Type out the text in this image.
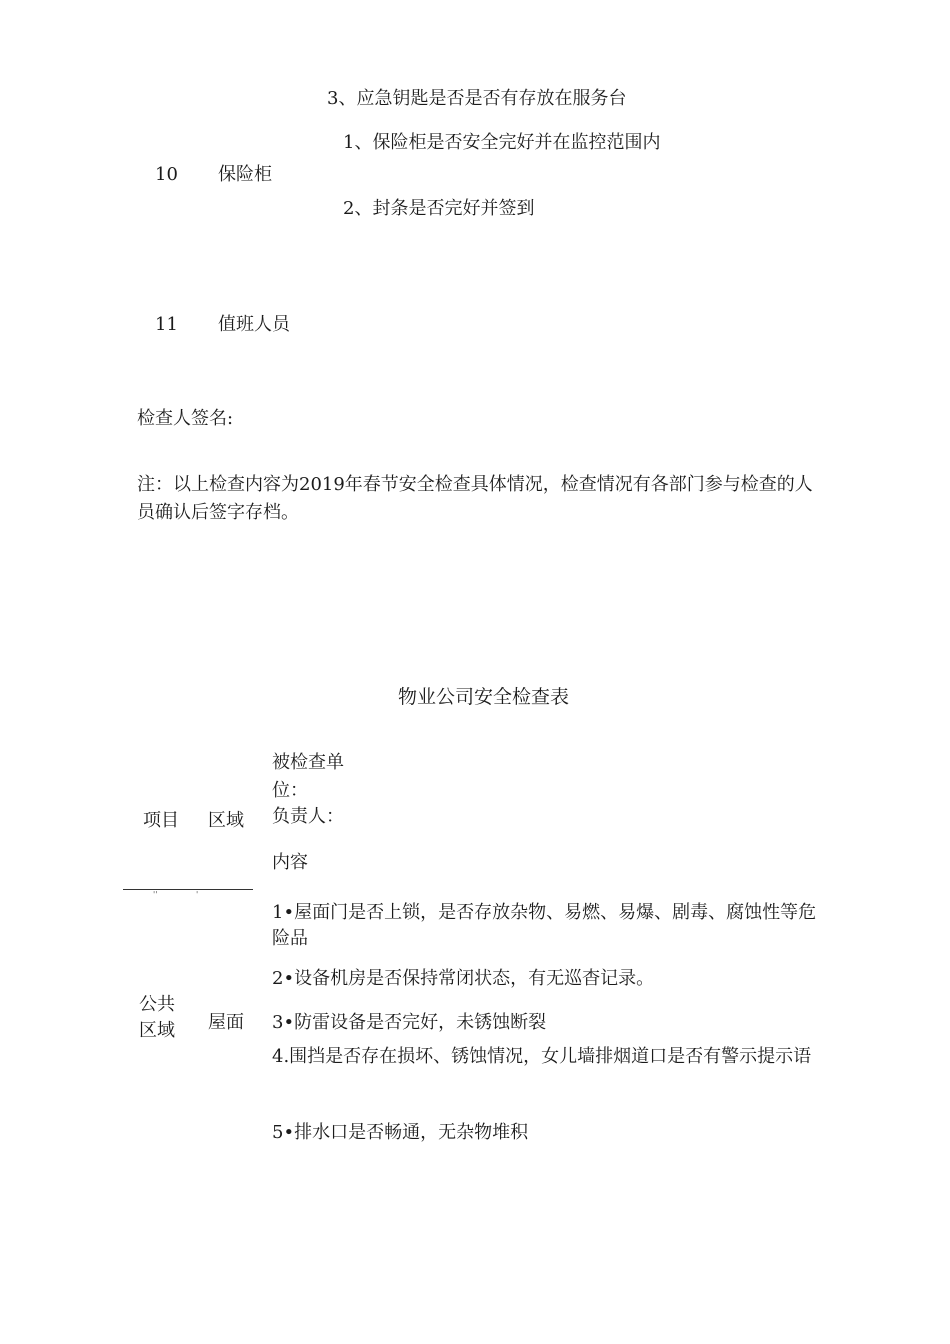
3、应急钥匙是否是否有存放在服务台
1、保险柜是否安全完好并在监控范围内
10 保险柜
2、封条是否完好并签到
11 值班人员
检查人签名:
注：以上检查内容为2019年春节安全检查具体情况，检查情况有各部门参与检查的人
员确认后签字存档。
物业公司安全检查表
被检查单
位：
项目 区域 负责人：
内容
''	'
1•屋面门是否上锁，是否存放杂物、易燃、易爆、剧毒、腐蚀性等危
险品
2•设备机房是否保持常闭状态，有无巡杳记录。
公共
区域 屋面 3•防雷设备是否完好，未锈蚀断裂
4.围挡是否存在损坏、锈蚀情况，女儿墙排烟道口是否有警示提示语
5•排水口是否畅通，无杂物堆积
